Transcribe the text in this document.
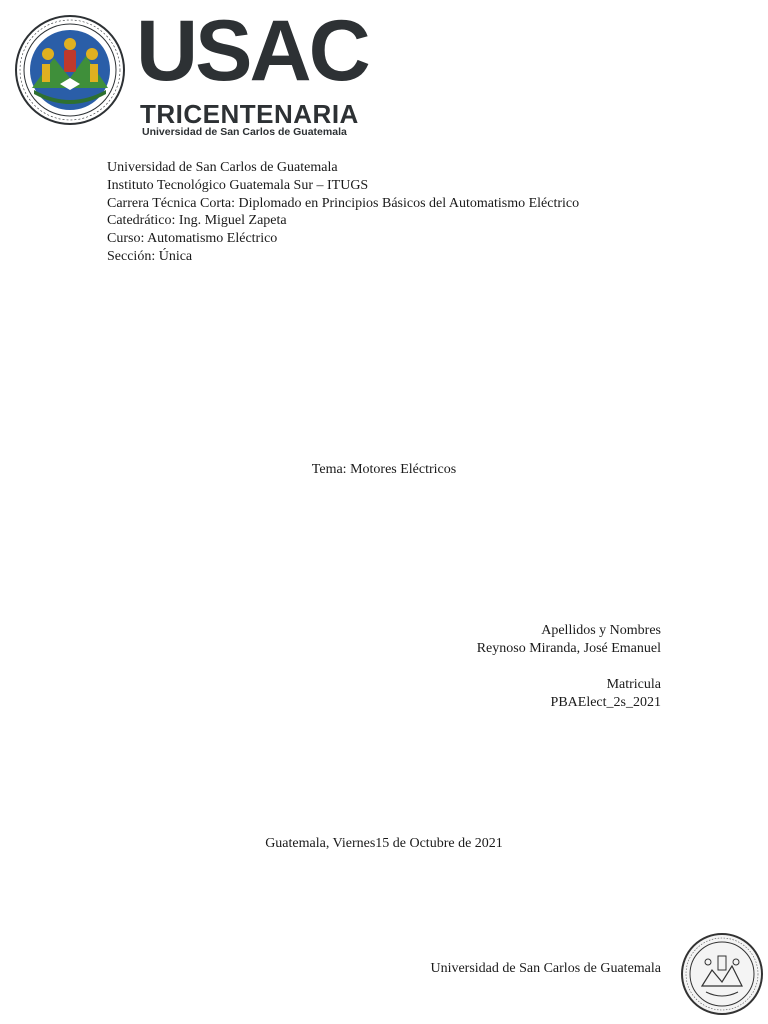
USAC
TRICENTENARIA
Universidad de San Carlos de Guatemala
Universidad de San Carlos de Guatemala
Instituto Tecnológico Guatemala Sur – ITUGS
Carrera Técnica Corta: Diplomado en Principios Básicos del Automatismo Eléctrico
Catedrático: Ing. Miguel Zapeta
Curso: Automatismo Eléctrico
Sección: Única
Tema: Motores Eléctricos
Apellidos y Nombres
Reynoso Miranda, José Emanuel
Matricula
PBAElect_2s_2021
Guatemala, Viernes15 de Octubre de 2021
Universidad de San Carlos de Guatemala
